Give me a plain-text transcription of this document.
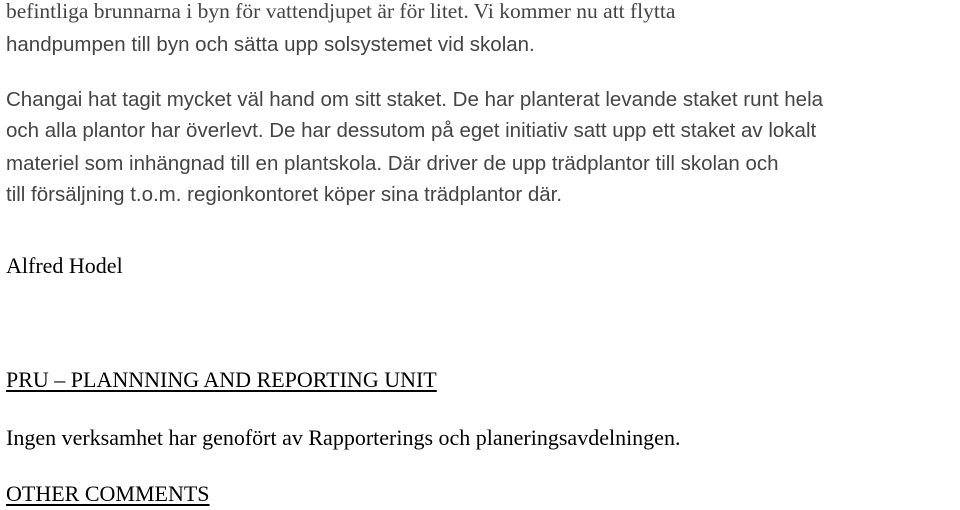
befintliga brunnarna i byn för vattendjupet är för litet. Vi kommer nu att flytta
handpumpen till byn och sätta upp solsystemet vid skolan.
Changai hat tagit mycket väl hand om sitt staket. De har planterat levande staket runt hela
och alla plantor har överlevt. De har dessutom på eget initiativ satt upp ett staket av lokalt
materiel som inhängnad till en plantskola. Där driver de upp trädplantor till skolan och
till försäljning t.o.m. regionkontoret köper sina trädplantor där.
Alfred Hodel
PRU – PLANNNING AND REPORTING UNIT
Ingen verksamhet har genofört av Rapporterings och planeringsavdelningen.
OTHER COMMENTS
